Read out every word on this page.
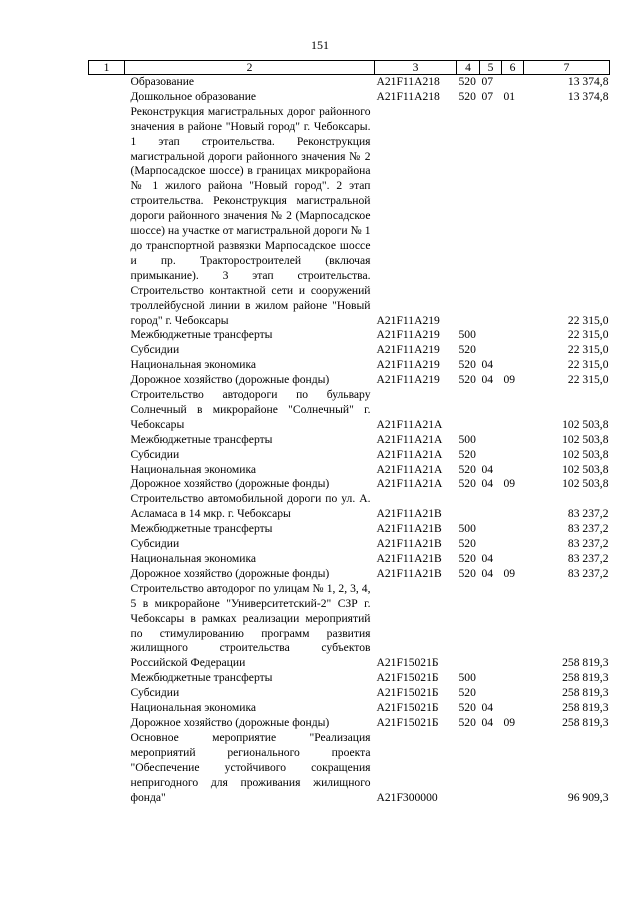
151
1	2	3	4	5	6	7
	Образование	A21F11A218	520	07		13 374,8
	Дошкольное образование	A21F11A218	520	07	01	13 374,8
	Реконструкция магистральных дорог районного значения в районе "Новый город" г. Чебоксары. 1 этап строительства. Реконструкция магистральной дороги районного значения № 2 (Марпосадское шоссе) в границах микрорайона № 1 жилого района "Новый город". 2 этап строительства. Реконструкция магистральной дороги районного значения № 2 (Марпосадское шоссе) на участке от магистральной дороги № 1 до транспортной развязки Марпосадское шоссе и пр. Тракторостроителей (включая примыкание). 3 этап строительства. Строительство контактной сети и сооружений троллейбусной линии в жилом районе "Новый город" г. Чебоксары	A21F11A219				22 315,0
	Межбюджетные трансферты	A21F11A219	500			22 315,0
	Субсидии	A21F11A219	520			22 315,0
	Национальная экономика	A21F11A219	520	04		22 315,0
	Дорожное хозяйство (дорожные фонды)	A21F11A219	520	04	09	22 315,0
	Строительство автодороги по бульвару Солнечный в микрорайоне "Солнечный" г. Чебоксары	A21F11A21A				102 503,8
	Межбюджетные трансферты	A21F11A21A	500			102 503,8
	Субсидии	A21F11A21A	520			102 503,8
	Национальная экономика	A21F11A21A	520	04		102 503,8
	Дорожное хозяйство (дорожные фонды)	A21F11A21A	520	04	09	102 503,8
	Строительство автомобильной дороги по ул. А. Асламаса в 14 мкр. г. Чебоксары	A21F11A21B				83 237,2
	Межбюджетные трансферты	A21F11A21B	500			83 237,2
	Субсидии	A21F11A21B	520			83 237,2
	Национальная экономика	A21F11A21B	520	04		83 237,2
	Дорожное хозяйство (дорожные фонды)	A21F11A21B	520	04	09	83 237,2
	Строительство автодорог по улицам № 1, 2, 3, 4, 5 в микрорайоне "Университетский-2" СЗР г. Чебоксары в рамках реализации мероприятий по стимулированию программ развития жилищного строительства субъектов Российской Федерации	A21F15021Б				258 819,3
	Межбюджетные трансферты	A21F15021Б	500			258 819,3
	Субсидии	A21F15021Б	520			258 819,3
	Национальная экономика	A21F15021Б	520	04		258 819,3
	Дорожное хозяйство (дорожные фонды)	A21F15021Б	520	04	09	258 819,3
	Основное мероприятие "Реализация мероприятий регионального проекта "Обеспечение устойчивого сокращения непригодного для проживания жилищного фонда"	A21F300000				96 909,3
